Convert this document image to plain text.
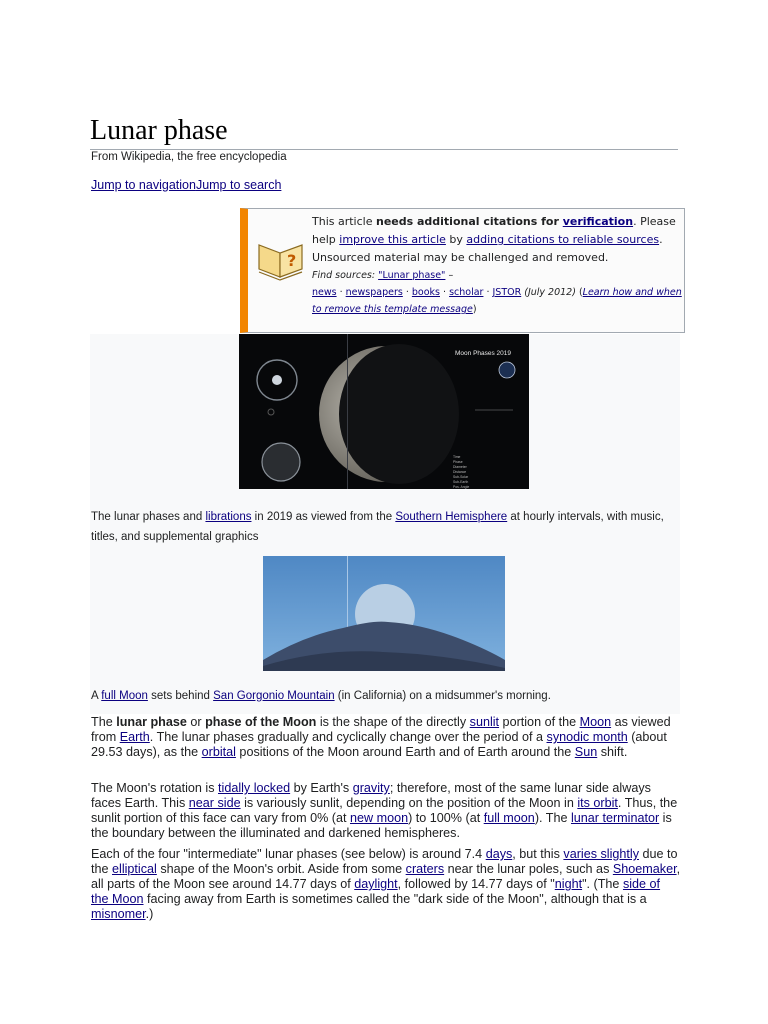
Lunar phase
From Wikipedia, the free encyclopedia
Jump to navigationJump to search
?
This article needs additional citations for verification. Please help improve this article by adding citations to reliable sources. Unsourced material may be challenged and removed.
Find sources: "Lunar phase" –
news · newspapers · books · scholar · JSTOR (July 2012) (Learn how and when to remove this template message)
Moon Phases 2019
Time
Phase
Diameter
Distance
Sub-Solar
Sub-Earth
Pos. Angle
The lunar phases and librations in 2019 as viewed from the Southern Hemisphere at hourly intervals, with music, titles, and supplemental graphics
A full Moon sets behind San Gorgonio Mountain (in California) on a midsummer's morning.
The lunar phase or phase of the Moon is the shape of the directly sunlit portion of the Moon as viewed from Earth. The lunar phases gradually and cyclically change over the period of a synodic month (about 29.53 days), as the orbital positions of the Moon around Earth and of Earth around the Sun shift.
The Moon's rotation is tidally locked by Earth's gravity; therefore, most of the same lunar side always faces Earth. This near side is variously sunlit, depending on the position of the Moon in its orbit. Thus, the sunlit portion of this face can vary from 0% (at new moon) to 100% (at full moon). The lunar terminator is the boundary between the illuminated and darkened hemispheres.
Each of the four "intermediate" lunar phases (see below) is around 7.4 days, but this varies slightly due to the elliptical shape of the Moon's orbit. Aside from some craters near the lunar poles, such as Shoemaker, all parts of the Moon see around 14.77 days of daylight, followed by 14.77 days of "night". (The side of the Moon facing away from Earth is sometimes called the "dark side of the Moon", although that is a misnomer.)
